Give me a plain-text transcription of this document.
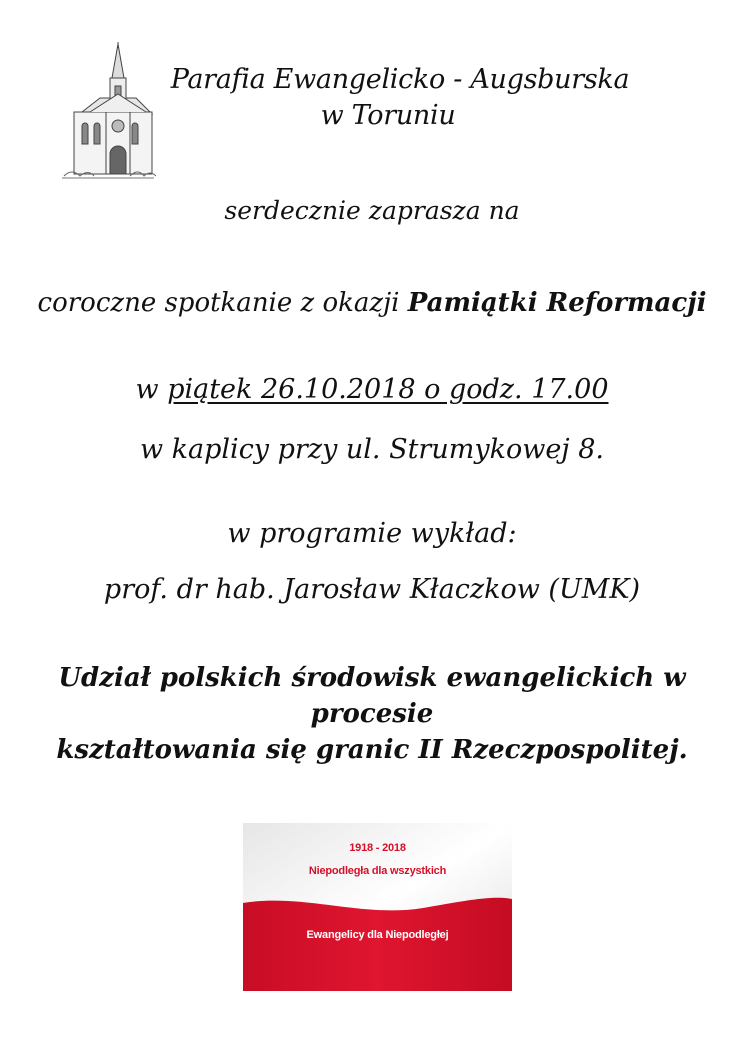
Parafia Ewangelicko - Augsburska
w Toruniu
serdecznie zaprasza na
coroczne spotkanie z okazji Pamiątki Reformacji
w piątek 26.10.2018 o godz. 17.00
w kaplicy przy ul. Strumykowej 8.
w programie wykład:
prof. dr hab. Jarosław Kłaczkow (UMK)
Udział polskich środowisk ewangelickich w procesie
kształtowania się granic II Rzeczpospolitej.
1918 - 2018
Niepodległa dla wszystkich
Ewangelicy dla Niepodległej
